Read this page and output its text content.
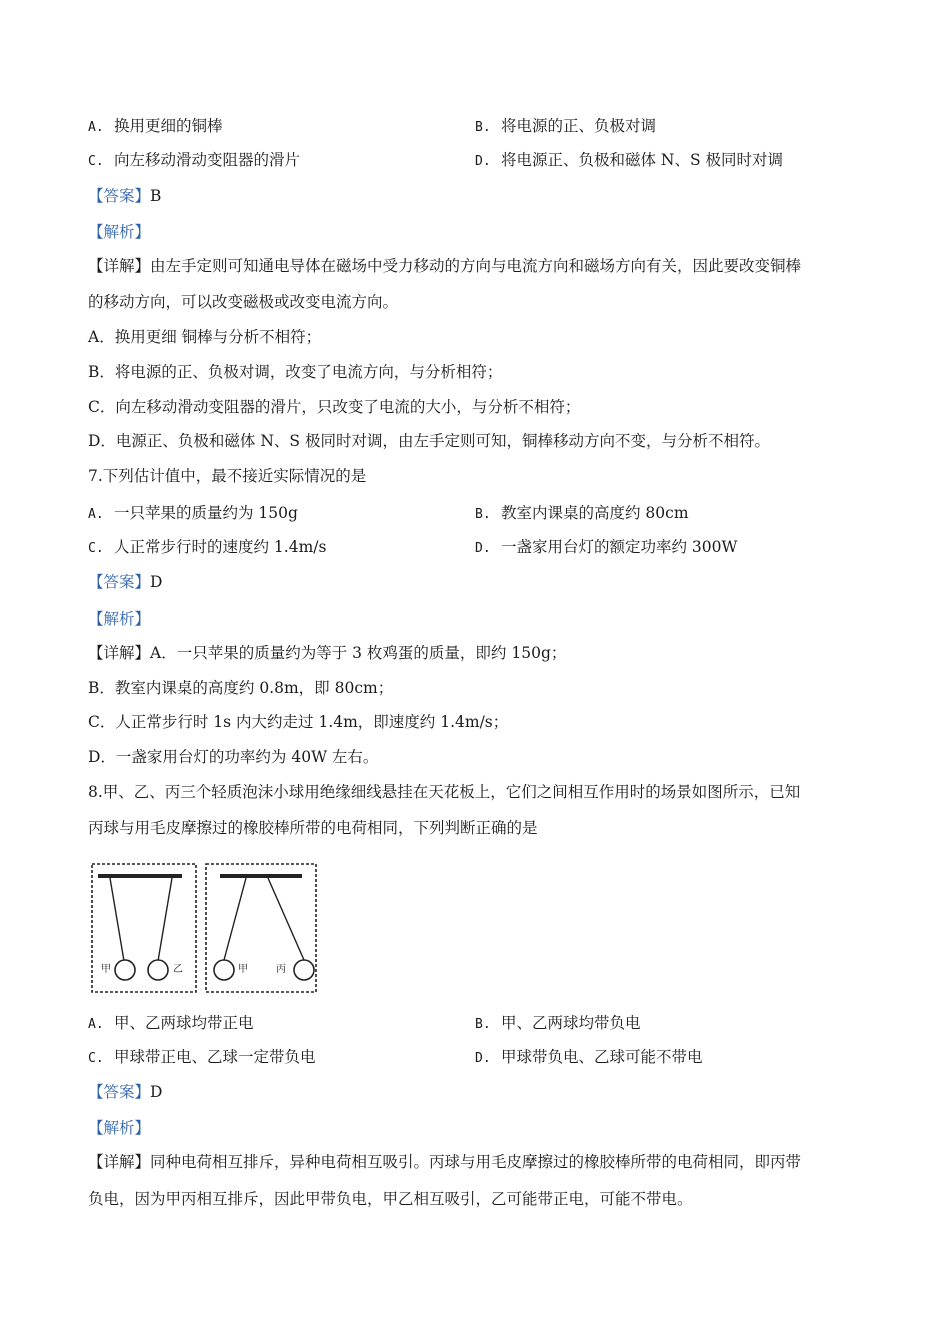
A. 换用更细的铜棒	B. 将电源的正、负极对调
C. 向左移动滑动变阻器的滑片	D. 将电源正、负极和磁体 N、S 极同时对调
【答案】B
【解析】
【详解】由左手定则可知通电导体在磁场中受力移动的方向与电流方向和磁场方向有关，因此要改变铜棒
的移动方向，可以改变磁极或改变电流方向。
A．换用更细 铜棒与分析不相符；
B．将电源的正、负极对调，改变了电流方向，与分析相符；
C．向左移动滑动变阻器的滑片，只改变了电流的大小，与分析不相符；
D．电源正、负极和磁体 N、S 极同时对调，由左手定则可知，铜棒移动方向不变，与分析不相符。
7.下列估计值中，最不接近实际情况的是
A. 一只苹果的质量约为 150g	B. 教室内课桌的高度约 80cm
C. 人正常步行时的速度约 1.4m/s	D. 一盏家用台灯的额定功率约 300W
【答案】D
【解析】
【详解】A．一只苹果的质量约为等于 3 枚鸡蛋的质量，即约 150g；
B．教室内课桌的高度约 0.8m，即 80cm；
C．人正常步行时 1s 内大约走过 1.4m，即速度约 1.4m/s；
D．一盏家用台灯的功率约为 40W 左右。
8.甲、乙、丙三个轻质泡沫小球用绝缘细线悬挂在天花板上，它们之间相互作用时的场景如图所示，已知
丙球与用毛皮摩擦过的橡胶棒所带的电荷相同，下列判断正确的是
甲	乙	甲	丙
A. 甲、乙两球均带正电	B. 甲、乙两球均带负电
C. 甲球带正电、乙球一定带负电	D. 甲球带负电、乙球可能不带电
【答案】D
【解析】
【详解】同种电荷相互排斥，异种电荷相互吸引。丙球与用毛皮摩擦过的橡胶棒所带的电荷相同，即丙带
负电，因为甲丙相互排斥，因此甲带负电，甲乙相互吸引，乙可能带正电，可能不带电。
